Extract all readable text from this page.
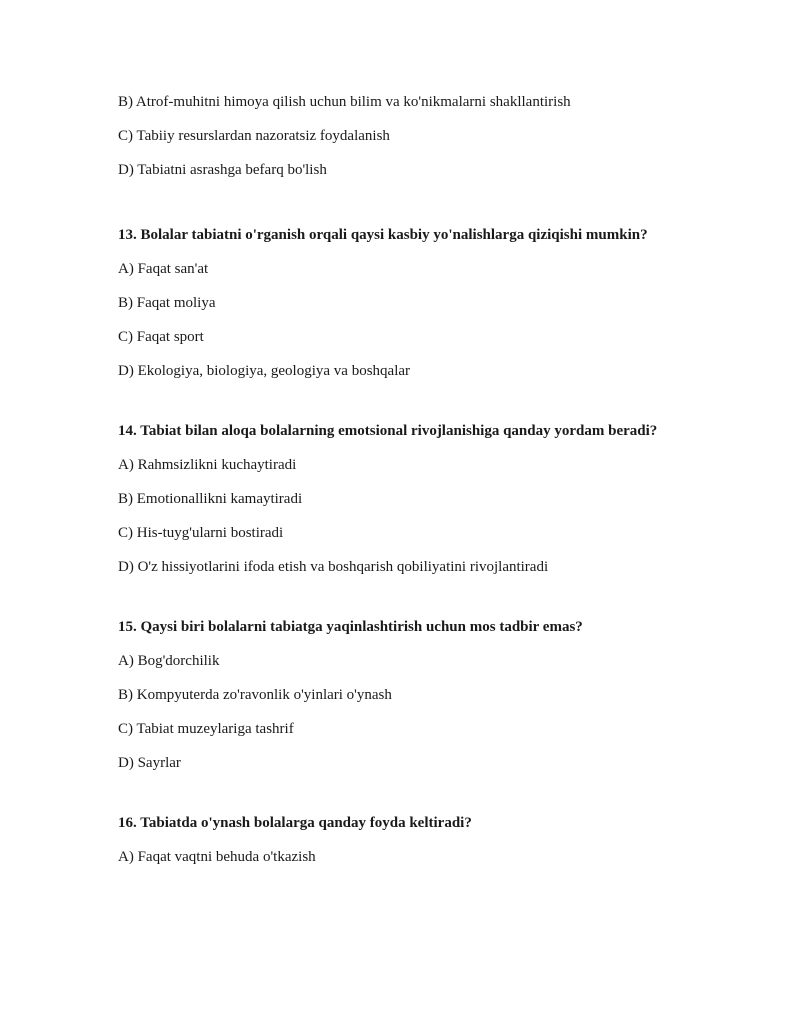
B) Atrof-muhitni himoya qilish uchun bilim va ko'nikmalarni shakllantirish

C) Tabiiy resurslardan nazoratsiz foydalanish

D) Tabiatni asrashga befarq bo'lish

13. Bolalar tabiatni o'rganish orqali qaysi kasbiy yo'nalishlarga qiziqishi mumkin?

A) Faqat san'at

B) Faqat moliya

C) Faqat sport

D) Ekologiya, biologiya, geologiya va boshqalar

14. Tabiat bilan aloqa bolalarning emotsional rivojlanishiga qanday yordam beradi?

A) Rahmsizlikni kuchaytiradi

B) Emotionallikni kamaytiradi

C) His-tuyg'ularni bostiradi

D) O'z hissiyotlarini ifoda etish va boshqarish qobiliyatini rivojlantiradi

15. Qaysi biri bolalarni tabiatga yaqinlashtirish uchun mos tadbir emas?

A) Bog'dorchilik

B) Kompyuterda zo'ravonlik o'yinlari o'ynash

C) Tabiat muzeylariga tashrif

D) Sayrlar

16. Tabiatda o'ynash bolalarga qanday foyda keltiradi?

A) Faqat vaqtni behuda o'tkazish
